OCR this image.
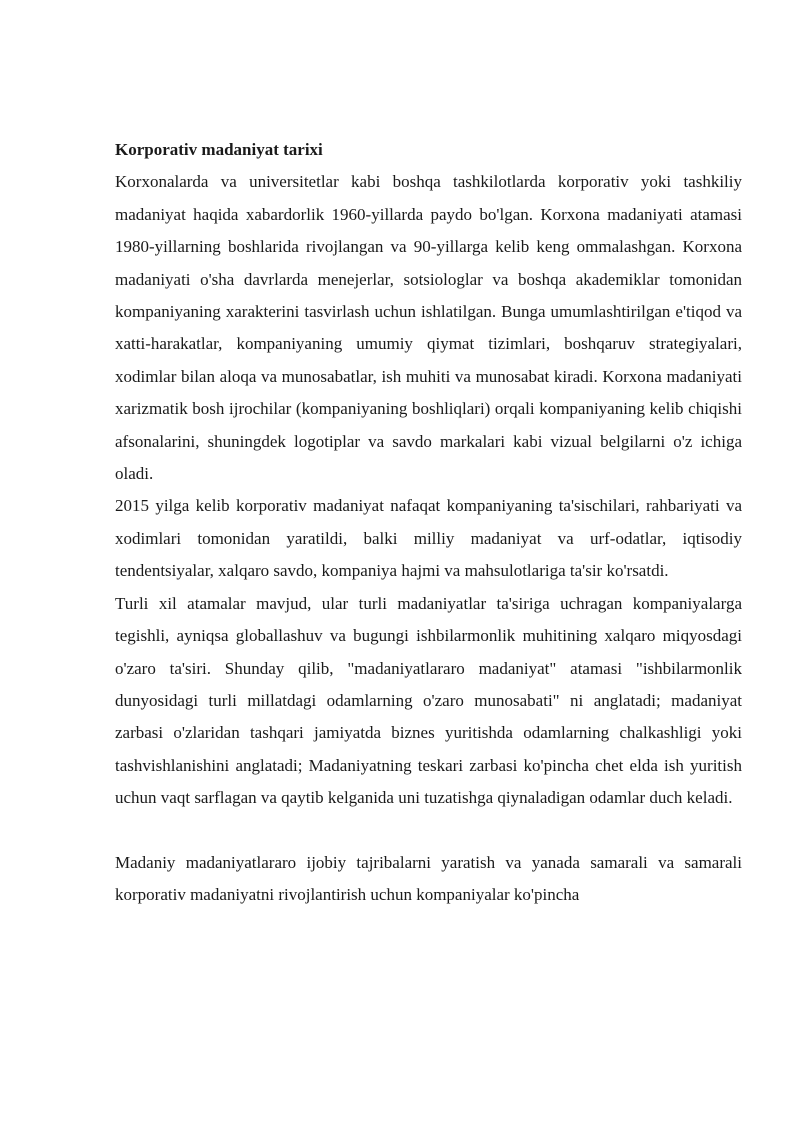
Korporativ madaniyat tarixi

Korxonalarda va universitetlar kabi boshqa tashkilotlarda korporativ yoki tashkiliy madaniyat haqida xabardorlik 1960-yillarda paydo bo'lgan. Korxona madaniyati atamasi 1980-yillarning boshlarida rivojlangan va 90-yillarga kelib keng ommalashgan. Korxona madaniyati o'sha davrlarda menejerlar, sotsiologlar va boshqa akademiklar tomonidan kompaniyaning xarakterini tasvirlash uchun ishlatilgan. Bunga umumlashtirilgan e'tiqod va xatti-harakatlar, kompaniyaning umumiy qiymat tizimlari, boshqaruv strategiyalari, xodimlar bilan aloqa va munosabatlar, ish muhiti va munosabat kiradi. Korxona madaniyati xarizmatik bosh ijrochilar (kompaniyaning boshliqlari) orqali kompaniyaning kelib chiqishi afsonalarini, shuningdek logotiplar va savdo markalari kabi vizual belgilarni o'z ichiga oladi.

2015 yilga kelib korporativ madaniyat nafaqat kompaniyaning ta'sischilari, rahbariyati va xodimlari tomonidan yaratildi, balki milliy madaniyat va urf-odatlar, iqtisodiy tendentsiyalar, xalqaro savdo, kompaniya hajmi va mahsulotlariga ta'sir ko'rsatdi.

Turli xil atamalar mavjud, ular turli madaniyatlar ta'siriga uchragan kompaniyalarga tegishli, ayniqsa globallashuv va bugungi ishbilarmonlik muhitining xalqaro miqyosdagi o'zaro ta'siri. Shunday qilib, "madaniyatlararo madaniyat" atamasi "ishbilarmonlik dunyosidagi turli millatdagi odamlarning o'zaro munosabati" ni anglatadi; madaniyat zarbasi o'zlaridan tashqari jamiyatda biznes yuritishda odamlarning chalkashligi yoki tashvishlanishini anglatadi; Madaniyatning teskari zarbasi ko'pincha chet elda ish yuritish uchun vaqt sarflagan va qaytib kelganida uni tuzatishga qiynaladigan odamlar duch keladi.

Madaniy madaniyatlararo ijobiy tajribalarni yaratish va yanada samarali va samarali korporativ madaniyatni rivojlantirish uchun kompaniyalar ko'pincha
